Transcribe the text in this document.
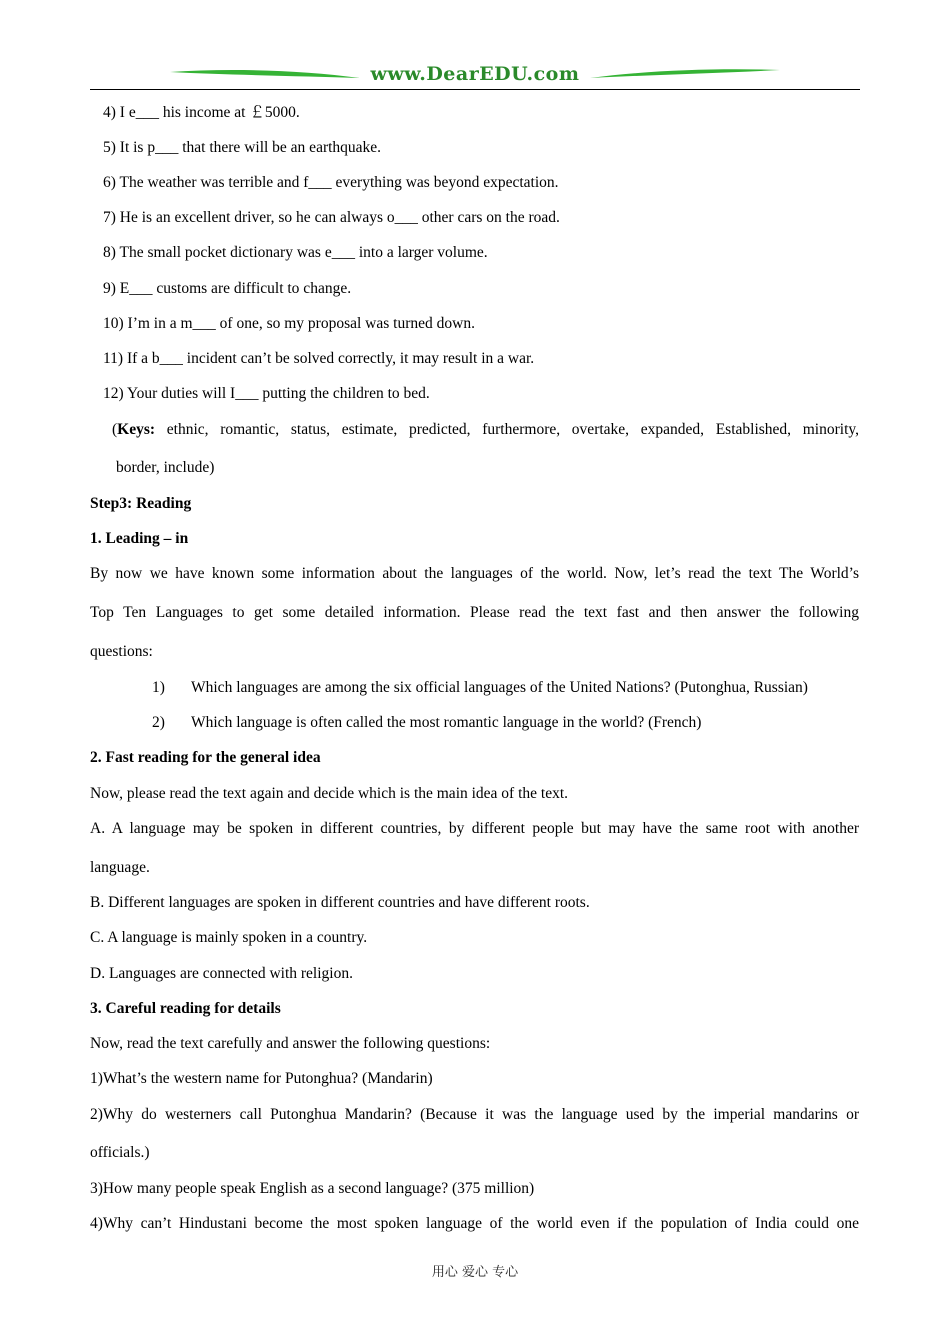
www.DearEDU.com
4) I e___ his income at ￡5000.
5) It is p___ that there will be an earthquake.
6) The weather was terrible and f___ everything was beyond expectation.
7) He is an excellent driver, so he can always o___ other cars on the road.
8) The small pocket dictionary was e___ into a larger volume.
9) E___ customs are difficult to change.
10) I’m in a m___ of one, so my proposal was turned down.
11) If a b___ incident can’t be solved correctly, it may result in a war.
12) Your duties will I___ putting the children to bed.
(Keys: ethnic, romantic, status, estimate, predicted, furthermore, overtake, expanded, Established, minority,
border, include)
Step3: Reading
1. Leading – in
By now we have known some information about the languages of the world. Now, let’s read the text The World’s
Top Ten Languages to get some detailed information. Please read the text fast and then answer the following
questions:
1) Which languages are among the six official languages of the United Nations? (Putonghua, Russian)
2) Which language is often called the most romantic language in the world? (French)
2. Fast reading for the general idea
Now, please read the text again and decide which is the main idea of the text.
A. A language may be spoken in different countries, by different people but may have the same root with another
language.
B. Different languages are spoken in different countries and have different roots.
C. A language is mainly spoken in a country.
D. Languages are connected with religion.
3. Careful reading for details
Now, read the text carefully and answer the following questions:
1)What’s the western name for Putonghua? (Mandarin)
2)Why do westerners call Putonghua Mandarin? (Because it was the language used by the imperial mandarins or
officials.)
3)How many people speak English as a second language? (375 million)
4)Why can’t Hindustani become the most spoken language of the world even if the population of India could one
用心 爱心 专心
